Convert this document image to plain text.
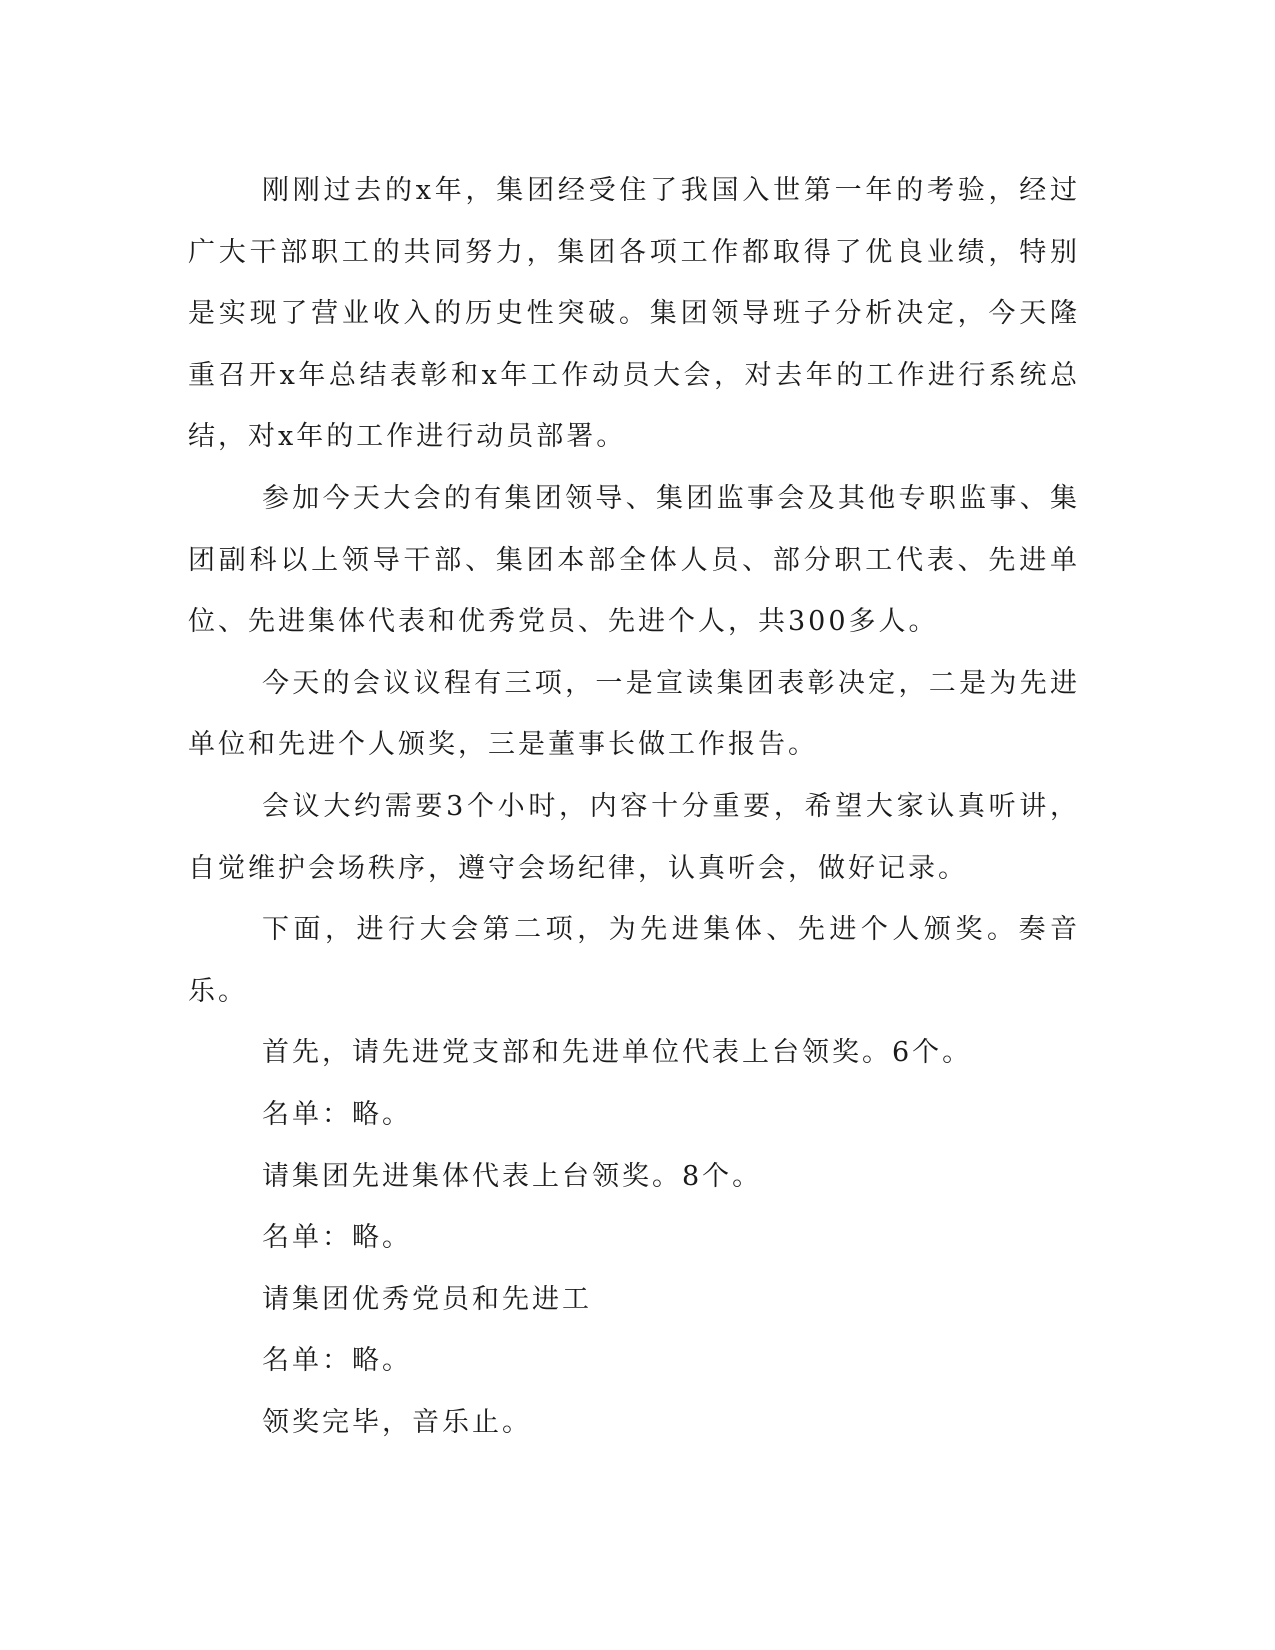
刚刚过去的x年，集团经受住了我国入世第一年的考验，经过广大干部职工的共同努力，集团各项工作都取得了优良业绩，特别是实现了营业收入的历史性突破。集团领导班子分析决定，今天隆重召开x年总结表彰和x年工作动员大会，对去年的工作进行系统总结，对x年的工作进行动员部署。

参加今天大会的有集团领导、集团监事会及其他专职监事、集团副科以上领导干部、集团本部全体人员、部分职工代表、先进单位、先进集体代表和优秀党员、先进个人，共300多人。

今天的会议议程有三项，一是宣读集团表彰决定，二是为先进单位和先进个人颁奖，三是董事长做工作报告。

会议大约需要3个小时，内容十分重要，希望大家认真听讲，自觉维护会场秩序，遵守会场纪律，认真听会，做好记录。

下面，进行大会第二项，为先进集体、先进个人颁奖。奏音乐。

首先，请先进党支部和先进单位代表上台领奖。6个。

名单：略。

请集团先进集体代表上台领奖。8个。

名单：略。

请集团优秀党员和先进工

名单：略。

领奖完毕，音乐止。
